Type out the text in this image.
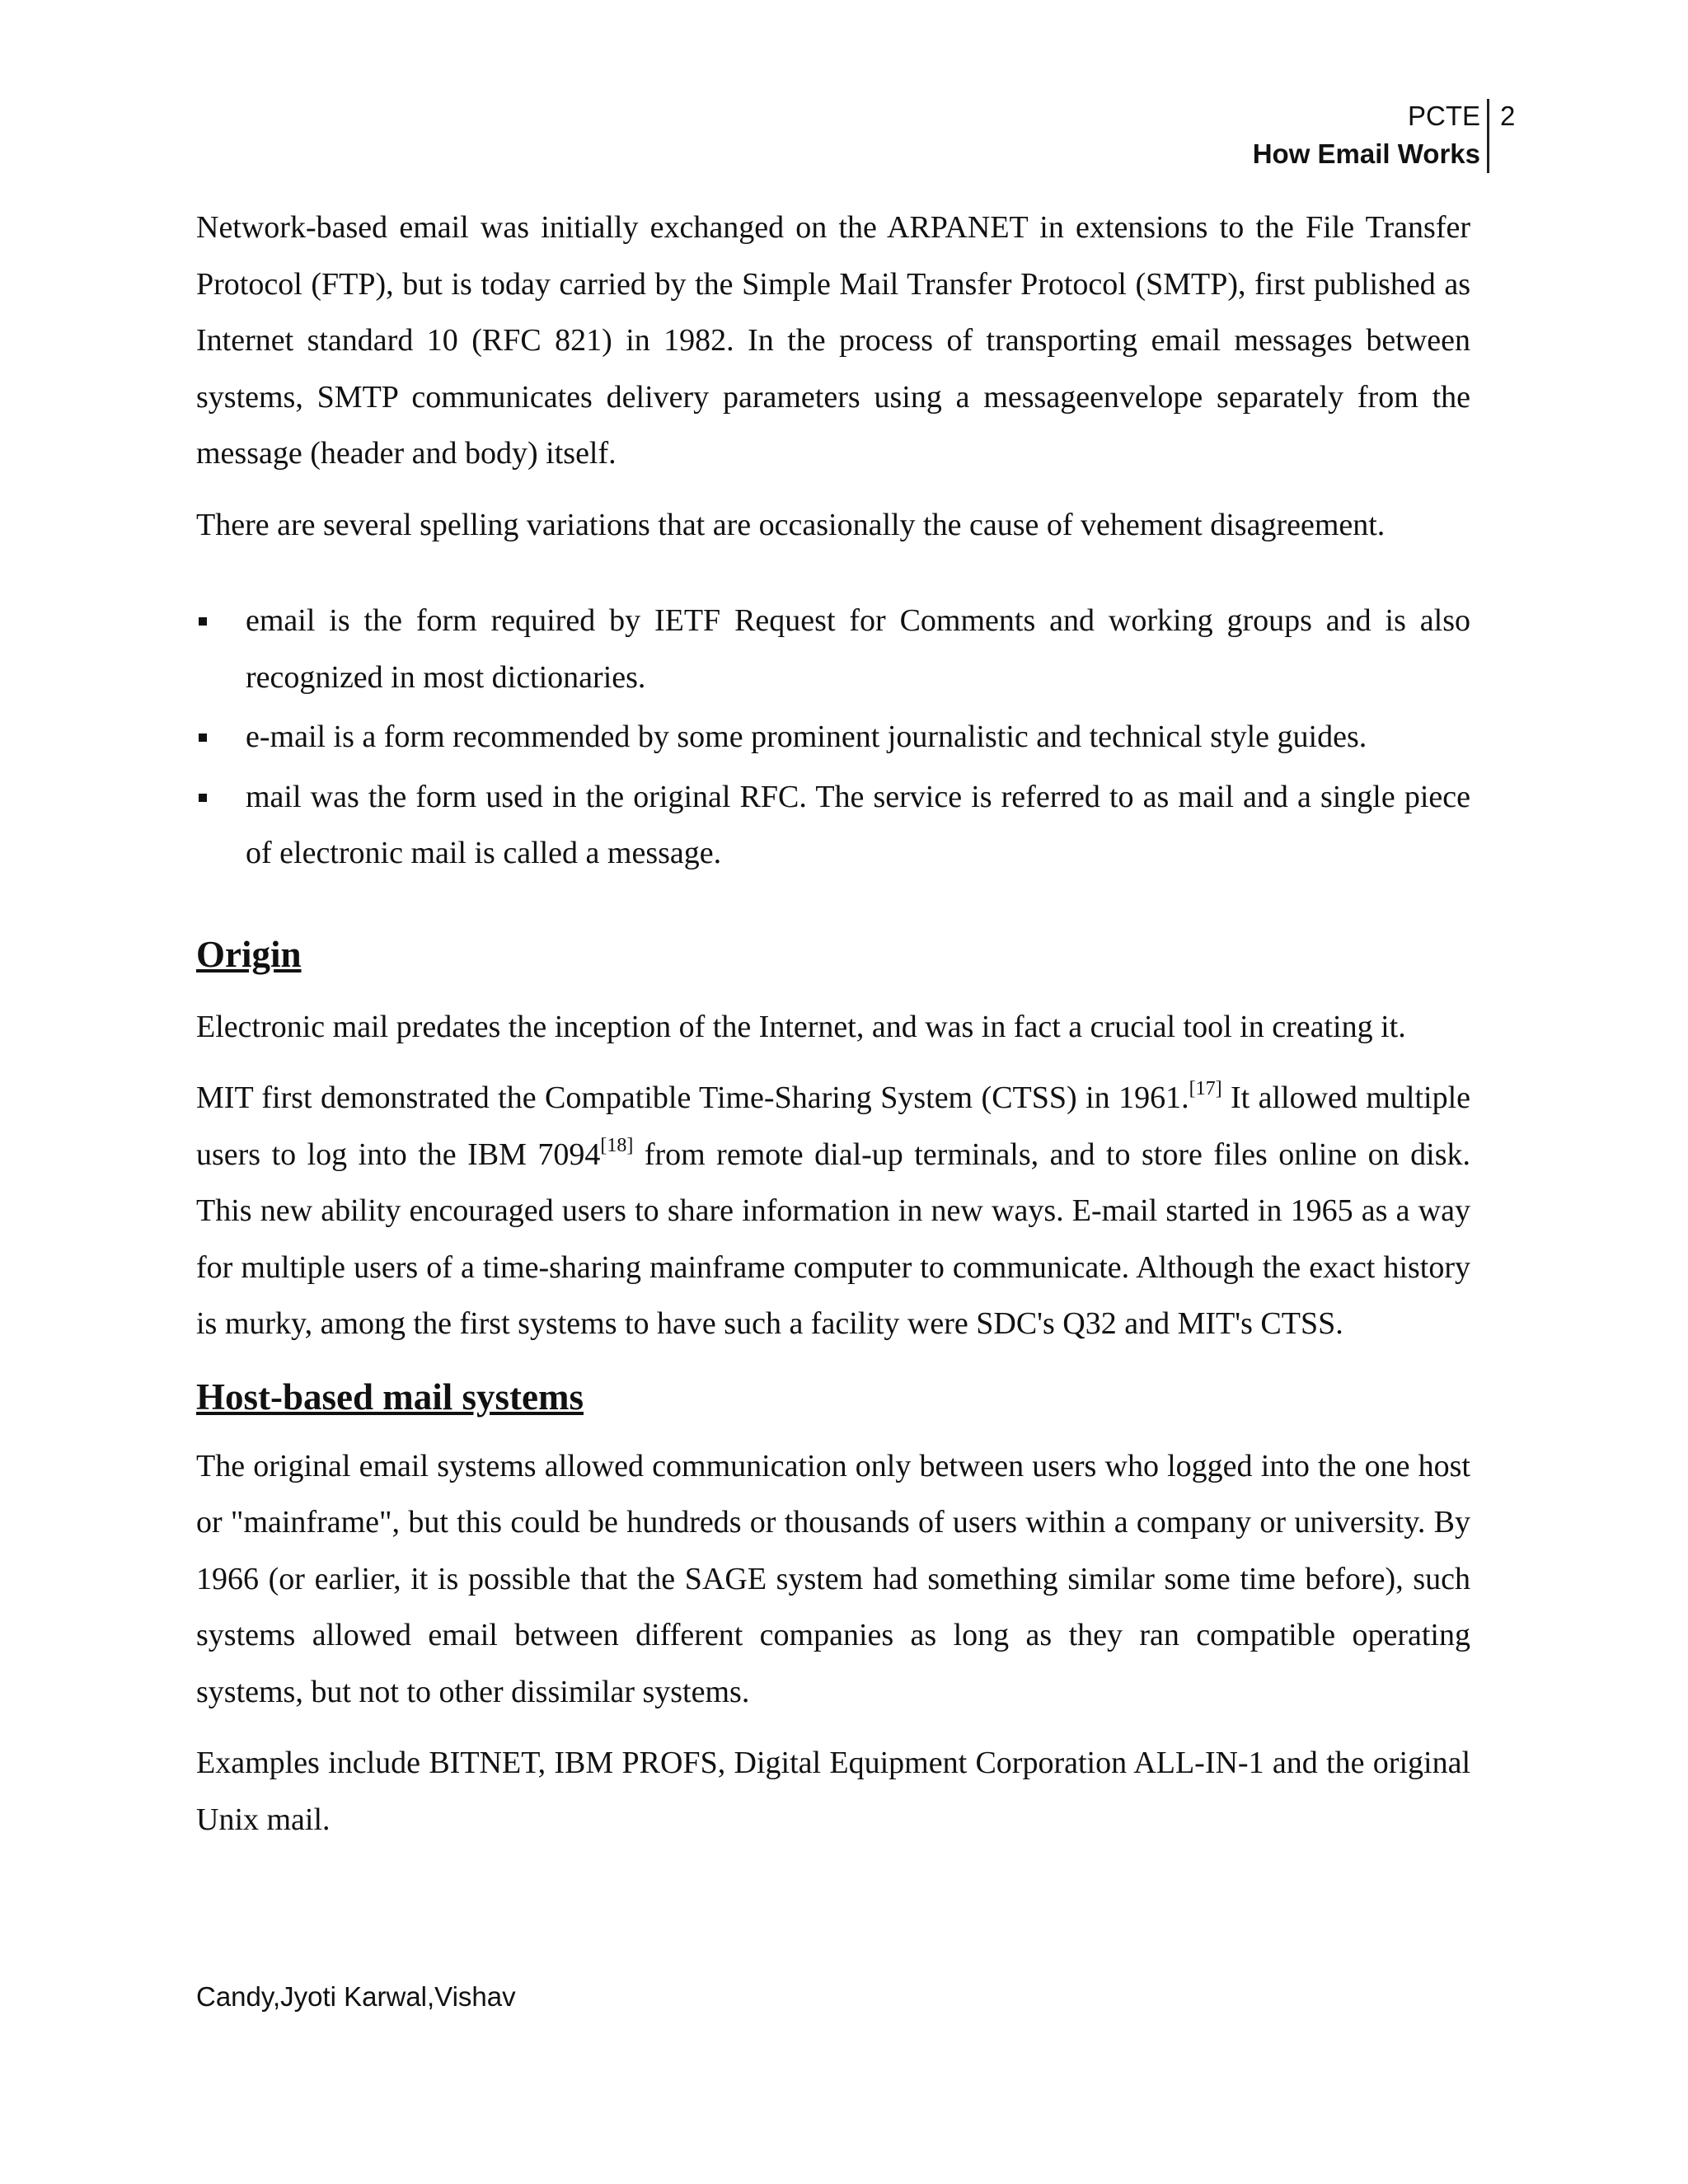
PCTE
How Email Works
2

Network-based email was initially exchanged on the ARPANET in extensions to the File Transfer Protocol (FTP), but is today carried by the Simple Mail Transfer Protocol (SMTP), first published as Internet standard 10 (RFC 821) in 1982. In the process of transporting email messages between systems, SMTP communicates delivery parameters using a messageenvelope separately from the message (header and body) itself.

There are several spelling variations that are occasionally the cause of vehement disagreement.

email is the form required by IETF Request for Comments and working groups and is also recognized in most dictionaries.
e-mail is a form recommended by some prominent journalistic and technical style guides.
mail was the form used in the original RFC. The service is referred to as mail and a single piece of electronic mail is called a message.
Origin

Electronic mail predates the inception of the Internet, and was in fact a crucial tool in creating it.

MIT first demonstrated the Compatible Time-Sharing System (CTSS) in 1961.[17] It allowed multiple users to log into the IBM 7094[18] from remote dial-up terminals, and to store files online on disk. This new ability encouraged users to share information in new ways. E-mail started in 1965 as a way for multiple users of a time-sharing mainframe computer to communicate. Although the exact history is murky, among the first systems to have such a facility were SDC's Q32 and MIT's CTSS.

Host-based mail systems

The original email systems allowed communication only between users who logged into the one host or "mainframe", but this could be hundreds or thousands of users within a company or university. By 1966 (or earlier, it is possible that the SAGE system had something similar some time before), such systems allowed email between different companies as long as they ran compatible operating systems, but not to other dissimilar systems.

Examples include BITNET, IBM PROFS, Digital Equipment Corporation ALL-IN-1 and the original Unix mail.

Candy,Jyoti Karwal,Vishav
